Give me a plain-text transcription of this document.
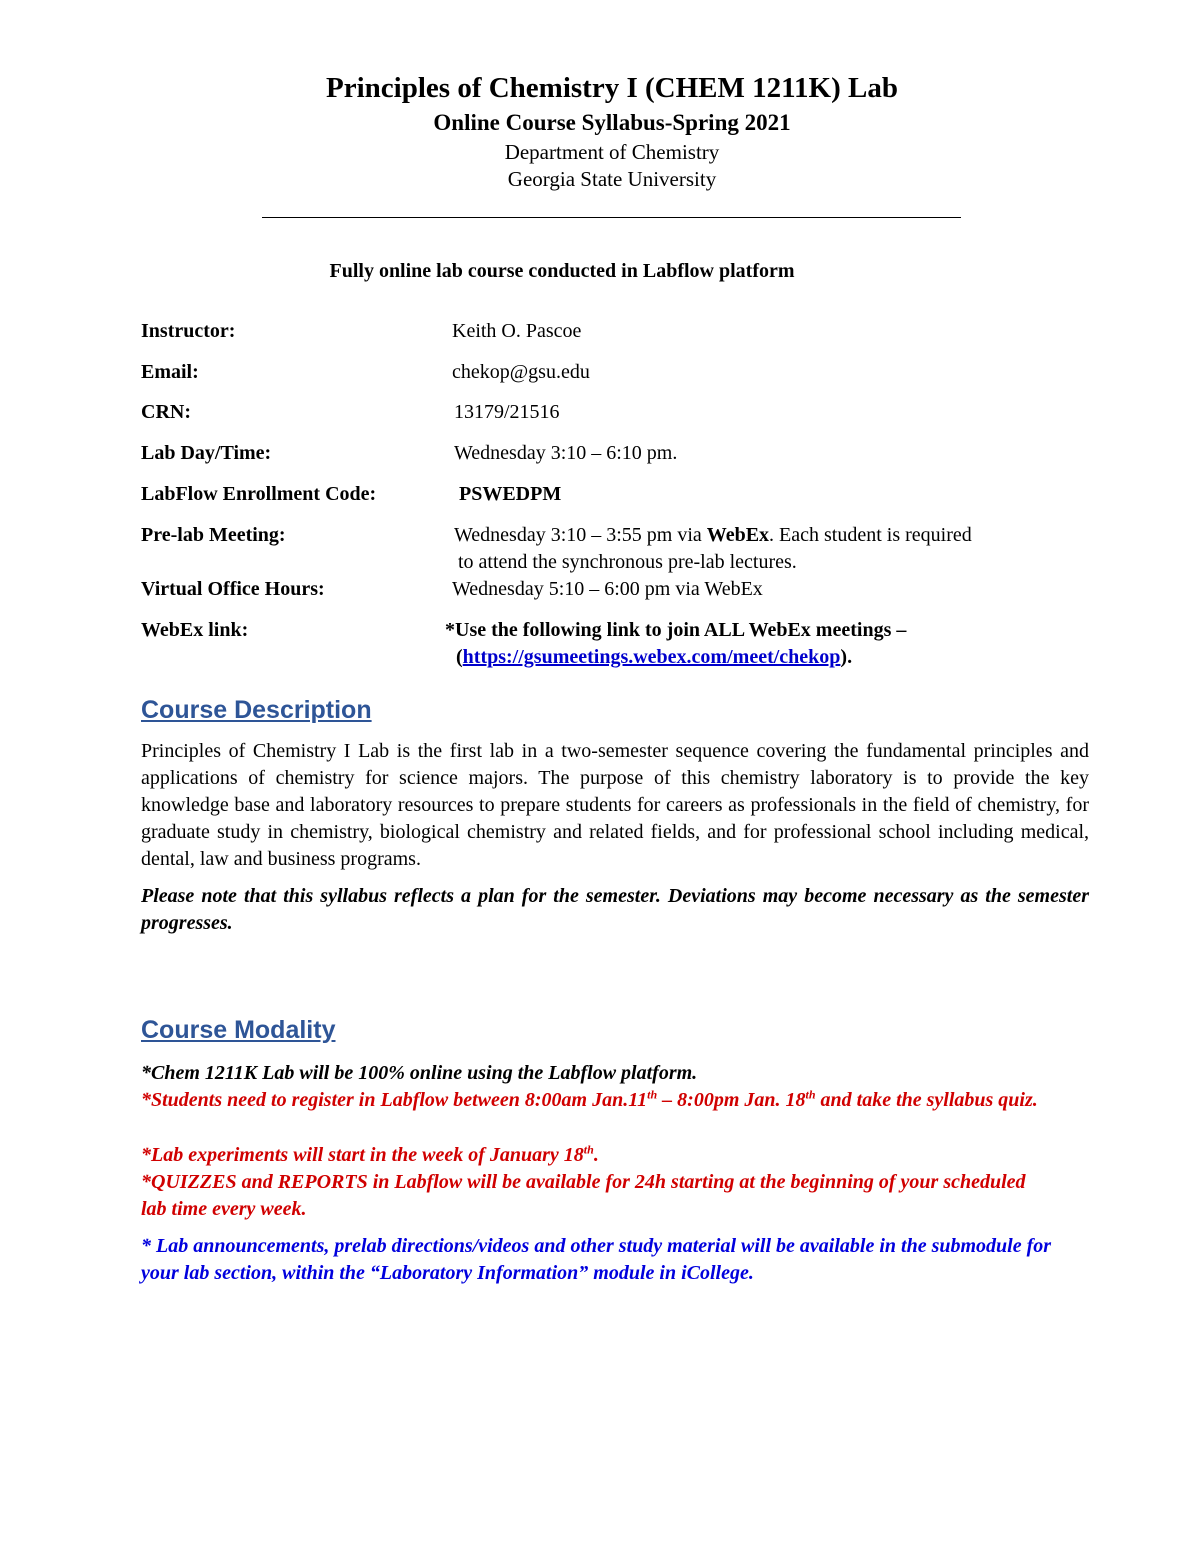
Principles of Chemistry I (CHEM 1211K) Lab
Online Course Syllabus-Spring 2021
Department of Chemistry
Georgia State University
Fully online lab course conducted in Labflow platform
Instructor:	Keith O. Pascoe
Email:	chekop@gsu.edu
CRN:	13179/21516
Lab Day/Time:	Wednesday 3:10 – 6:10 pm.
LabFlow Enrollment Code:	PSWEDPM
Pre-lab Meeting:	Wednesday 3:10 – 3:55 pm via WebEx. Each student is required
to attend the synchronous pre-lab lectures.
Virtual Office Hours:	Wednesday 5:10 – 6:00 pm via WebEx
WebEx link:	*Use the following link to join ALL WebEx meetings –
(https://gsumeetings.webex.com/meet/chekop).
Course Description
Principles of Chemistry I Lab is the first lab in a two-semester sequence covering the fundamental principles and applications of chemistry for science majors. The purpose of this chemistry laboratory is to provide the key knowledge base and laboratory resources to prepare students for careers as professionals in the field of chemistry, for graduate study in chemistry, biological chemistry and related fields, and for professional school including medical, dental, law and business programs.
Please note that this syllabus reflects a plan for the semester. Deviations may become necessary as the semester progresses.
Course Modality
*Chem 1211K Lab will be 100% online using the Labflow platform.
*Students need to register in Labflow between 8:00am Jan.11th – 8:00pm Jan. 18th and take the syllabus quiz.
*Lab experiments will start in the week of January 18th.
*QUIZZES and REPORTS in Labflow will be available for 24h starting at the beginning of your scheduled lab time every week.
* Lab announcements, prelab directions/videos and other study material will be available in the submodule for your lab section, within the “Laboratory Information” module in iCollege.
